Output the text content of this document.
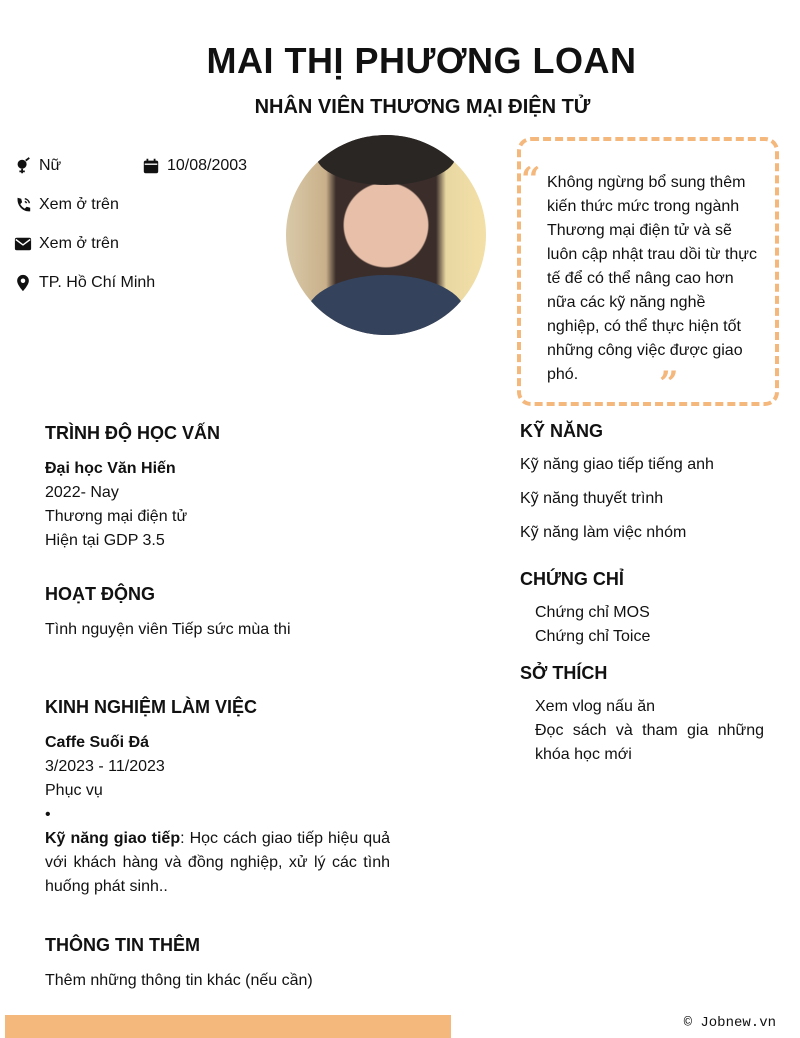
MAI THỊ PHƯƠNG LOAN
NHÂN VIÊN THƯƠNG MẠI ĐIỆN TỬ
Nữ	10/08/2003
Xem ở trên
Xem ở trên
TP. Hồ Chí Minh
“ Không ngừng bổ sung thêm kiến thức mức trong ngành Thương mại điện tử và sẽ luôn cập nhật trau dồi từ thực tế để có thể nâng cao hơn nữa các kỹ năng nghề nghiệp, có thể thực hiện tốt những công việc được giao phó.	”
TRÌNH ĐỘ HỌC VẤN
Đại học Văn Hiến
2022- Nay
Thương mại điện tử
Hiện tại GDP 3.5
HOẠT ĐỘNG
Tình nguyện viên Tiếp sức mùa thi
KINH NGHIỆM LÀM VIỆC
Caffe Suối Đá
3/2023 - 11/2023
Phục vụ
•
Kỹ năng giao tiếp: Học cách giao tiếp hiệu quả với khách hàng và đồng nghiệp, xử lý các tình huống phát sinh..
THÔNG TIN THÊM
Thêm những thông tin khác (nếu cần)
KỸ NĂNG
Kỹ năng giao tiếp tiếng anh
Kỹ năng thuyết trình
Kỹ năng làm việc nhóm
CHỨNG CHỈ
Chứng chỉ MOS
Chứng chỉ Toice
SỞ THÍCH
Xem vlog nấu ăn
Đọc sách và tham gia những khóa học mới
© Jobnew.vn
